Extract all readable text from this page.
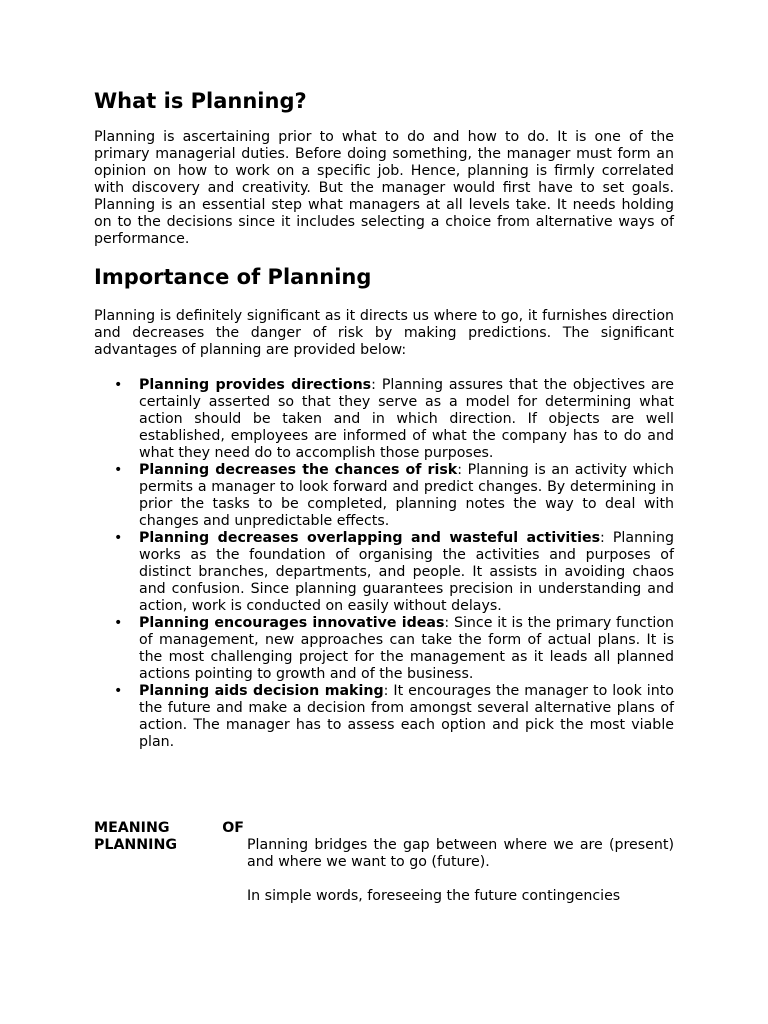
What is Planning?

Planning is ascertaining prior to what to do and how to do. It is one of the primary managerial duties. Before doing something, the manager must form an opinion on how to work on a specific job. Hence, planning is firmly correlated with discovery and creativity. But the manager would first have to set goals. Planning is an essential step what managers at all levels take. It needs holding on to the decisions since it includes selecting a choice from alternative ways of performance.

Importance of Planning

Planning is definitely significant as it directs us where to go, it furnishes direction and decreases the danger of risk by making predictions. The significant advantages of planning are provided below:

• Planning provides directions: Planning assures that the objectives are certainly asserted so that they serve as a model for determining what action should be taken and in which direction. If objects are well established, employees are informed of what the company has to do and what they need do to accomplish those purposes.
• Planning decreases the chances of risk: Planning is an activity which permits a manager to look forward and predict changes. By determining in prior the tasks to be completed, planning notes the way to deal with changes and unpredictable effects.
• Planning decreases overlapping and wasteful activities: Planning works as the foundation of organising the activities and purposes of distinct branches, departments, and people. It assists in avoiding chaos and confusion. Since planning guarantees precision in understanding and action, work is conducted on easily without delays.
• Planning encourages innovative ideas: Since it is the primary function of management, new approaches can take the form of actual plans. It is the most challenging project for the management as it leads all planned actions pointing to growth and of the business.
• Planning aids decision making: It encourages the manager to look into the future and make a decision from amongst several alternative plans of action. The manager has to assess each option and pick the most viable plan.
MEANING	OF
PLANNING	Planning bridges the gap between where we are (present) and where we want to go (future).

In simple words, foreseeing the future contingencies
